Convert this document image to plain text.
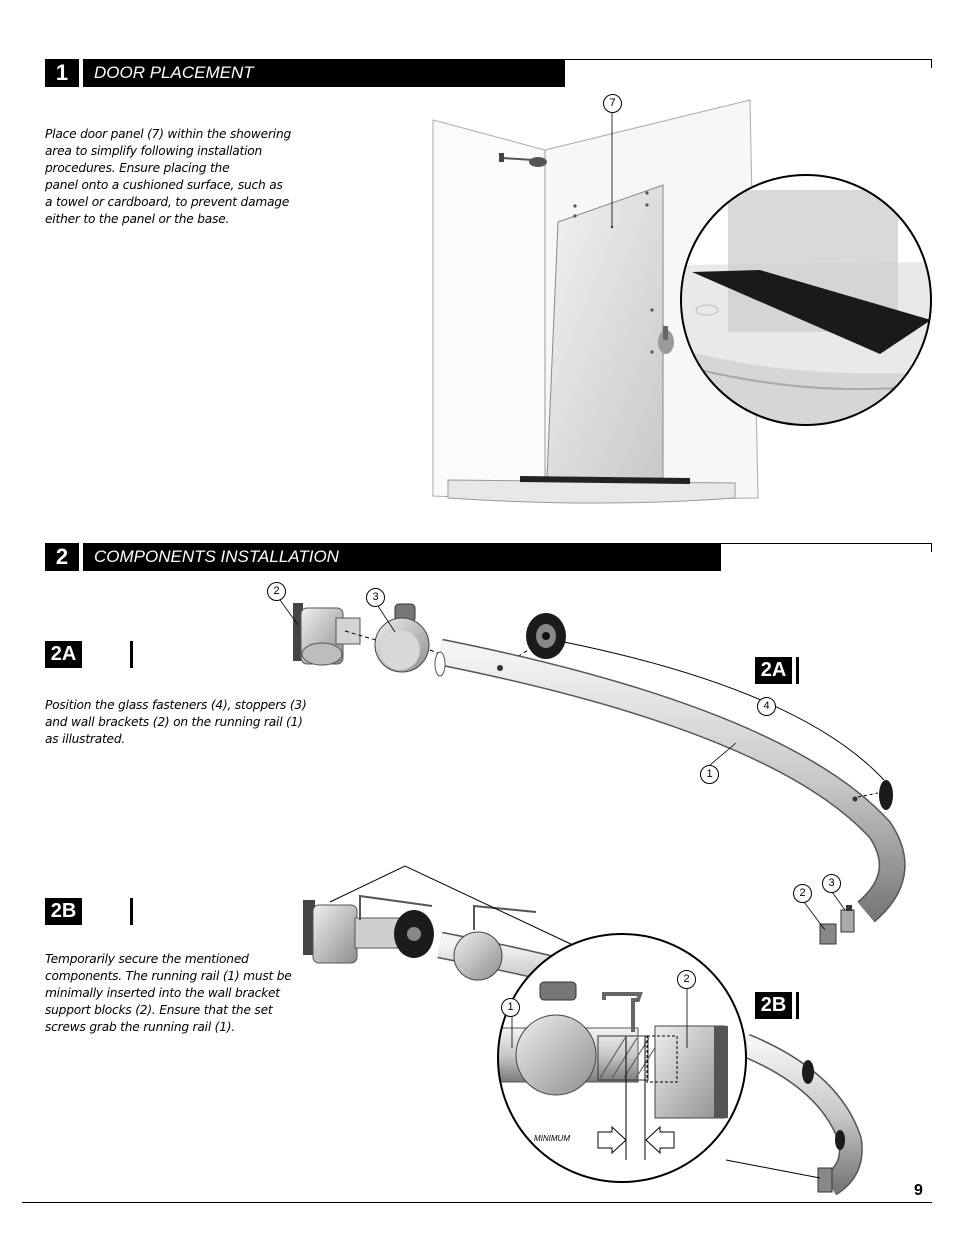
1	DOOR PLACEMENT
Place door panel (7) within the showering
area to simplify following installation
procedures. Ensure placing the
panel onto a cushioned surface, such as
a towel or cardboard, to prevent damage
either to the panel or the base.
2	COMPONENTS INSTALLATION
2A
Position the glass fasteners (4), stoppers (3)
and wall brackets (2) on the running rail (1)
as illustrated.
2A
2B
Temporarily secure the mentioned
components. The running rail (1) must be
minimally inserted into the wall bracket
support blocks (2). Ensure that the set
screws grab the running rail (1).
2B
7
2	3
4
1
2
3
1
2
MINIMUM
9
